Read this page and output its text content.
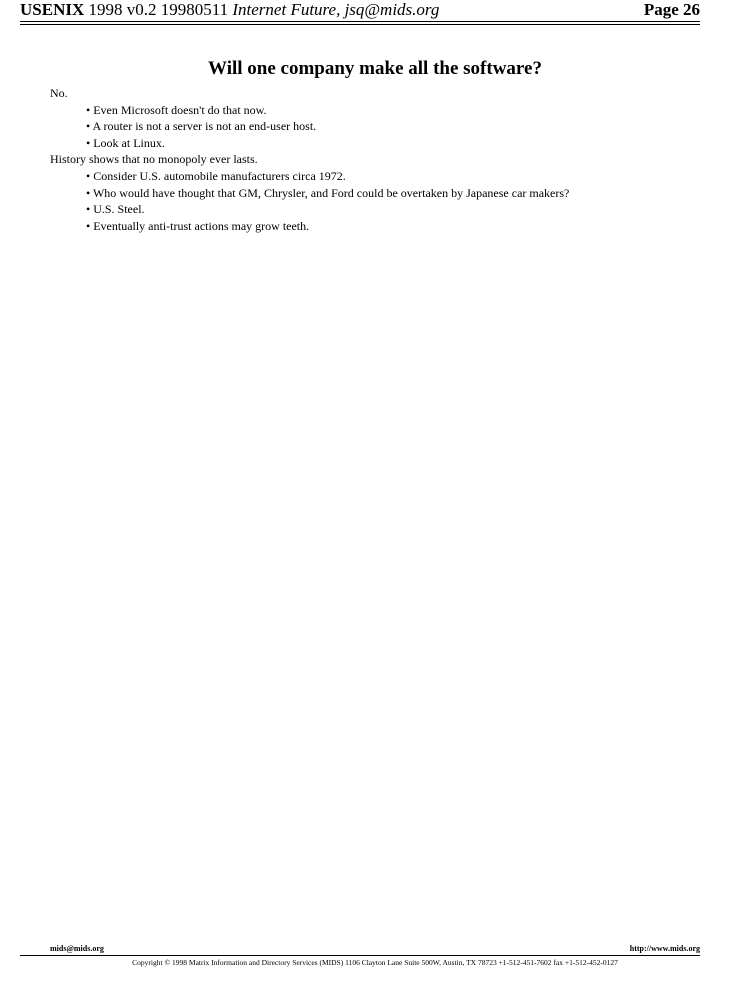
USENIX 1998 v0.2 19980511 Internet Future, jsq@mids.org	Page 26
Will one company make all the software?
No.
• Even Microsoft doesn't do that now.
• A router is not a server is not an end-user host.
• Look at Linux.
History shows that no monopoly ever lasts.
• Consider U.S. automobile manufacturers circa 1972.
• Who would have thought that GM, Chrysler, and Ford could be overtaken by Japanese car makers?
• U.S. Steel.
• Eventually anti-trust actions may grow teeth.
mids@mids.org	http://www.mids.org
Copyright © 1998 Matrix Information and Directory Services (MIDS) 1106 Clayton Lane Suite 500W, Austin, TX 78723 +1-512-451-7602 fax +1-512-452-0127
